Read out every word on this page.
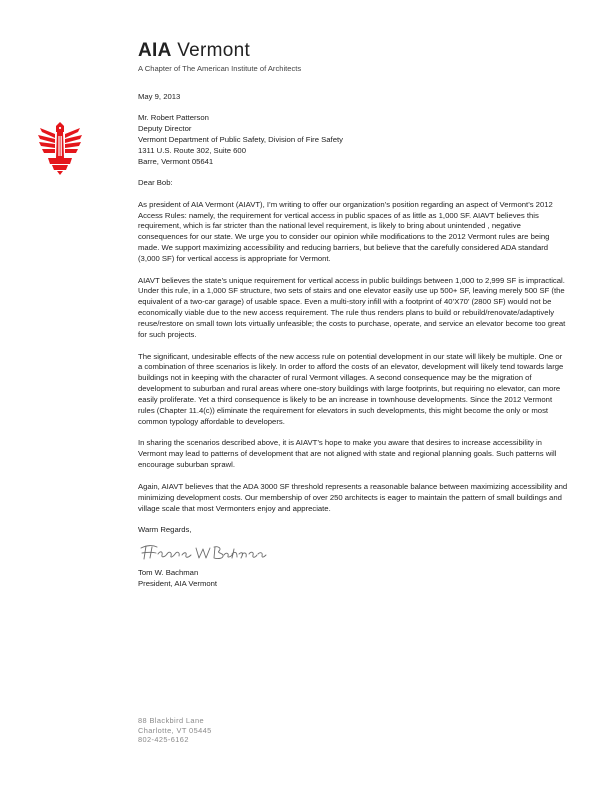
AIA Vermont
A Chapter of The American Institute of Architects

May 9, 2013

Mr. Robert Patterson
Deputy Director
Vermont Department of Public Safety, Division of Fire Safety
1311 U.S. Route 302, Suite 600
Barre, Vermont 05641

Dear Bob:

As president of AIA Vermont (AIAVT), I’m writing to offer our organization’s position regarding an aspect of Vermont’s 2012 Access Rules: namely, the requirement for vertical access in public spaces of as little as 1,000 SF. AIAVT believes this requirement, which is far stricter than the national level requirement, is likely to bring about unintended , negative consequences for our state. We urge you to consider our opinion while modifications to the 2012 Vermont rules are being made. We support maximizing accessibility and reducing barriers, but believe that the carefully considered ADA standard (3,000 SF) for vertical access is appropriate for Vermont.

AIAVT believes the state’s unique requirement for vertical access in public buildings between 1,000 to 2,999 SF is impractical. Under this rule, in a 1,000 SF structure, two sets of stairs and one elevator easily use up 500+ SF, leaving merely 500 SF (the equivalent of a two-car garage) of usable space. Even a multi-story infill with a footprint of 40’X70’ (2800 SF) would not be economically viable due to the new access requirement. The rule thus renders plans to build or rebuild/renovate/adaptively reuse/restore on small town lots virtually unfeasible; the costs to purchase, operate, and service an elevator become too great for such projects.

The significant, undesirable effects of the new access rule on potential development in our state will likely be multiple. One or a combination of three scenarios is likely. In order to afford the costs of an elevator, development will likely tend towards large buildings not in keeping with the character of rural Vermont villages. A second consequence may be the migration of development to suburban and rural areas where one-story buildings with large footprints, but requiring no elevator, can more easily proliferate. Yet a third consequence is likely to be an increase in townhouse developments. Since the 2012 Vermont rules (Chapter 11.4(c)) eliminate the requirement for elevators in such developments, this might become the only or most common typology affordable to developers.

In sharing the scenarios described above, it is AIAVT’s hope to make you aware that desires to increase accessibility in Vermont may lead to patterns of development that are not aligned with state and regional planning goals. Such patterns will encourage suburban sprawl.

Again, AIAVT believes that the ADA 3000 SF threshold represents a reasonable balance between maximizing accessibility and minimizing development costs. Our membership of over 250 architects is eager to maintain the pattern of small buildings and village scale that most Vermonters enjoy and appreciate.

Warm Regards,

Tom W. Bachman
President, AIA Vermont
88 Blackbird Lane
Charlotte, VT 05445
802-425-6162
